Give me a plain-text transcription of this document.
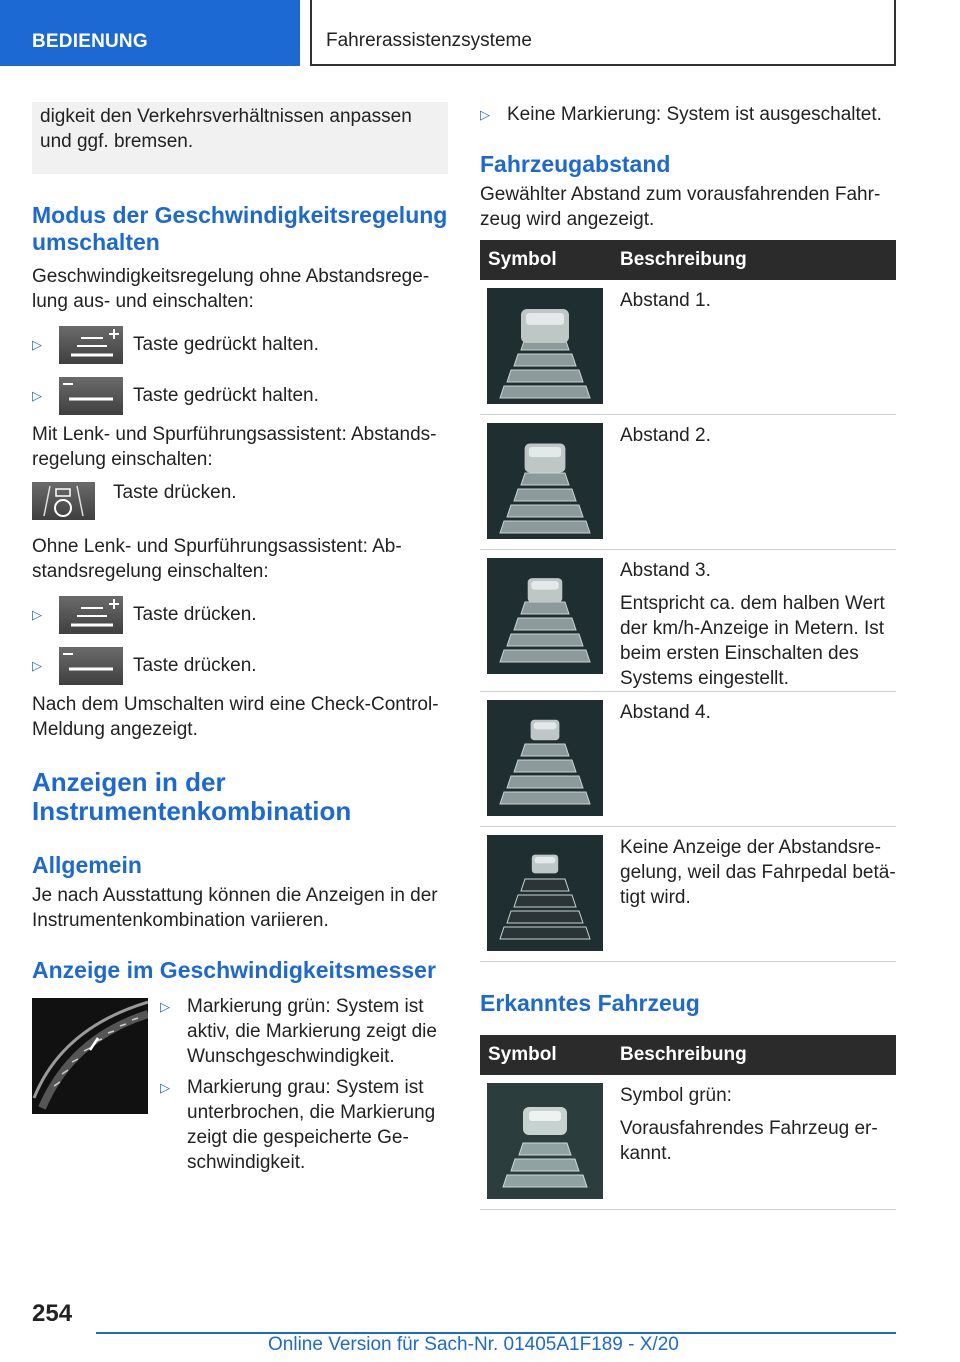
BEDIENUNG	Fahrerassistenzsysteme
digkeit den Verkehrsverhältnissen anpassen und ggf. bremsen.
Modus der Geschwindigkeitsregelung umschalten

Geschwindigkeitsregelung ohne Abstandsrege-lung aus- und einschalten:

▷	Taste gedrückt halten.
▷	Taste gedrückt halten.

Mit Lenk- und Spurführungsassistent: Abstands-regelung einschalten:

Taste drücken.

Ohne Lenk- und Spurführungsassistent: Ab-standsregelung einschalten:

▷	Taste drücken.
▷	Taste drücken.

Nach dem Umschalten wird eine Check-Control-Meldung angezeigt.

Anzeigen in der Instrumentenkombination
Allgemein

Je nach Ausstattung können die Anzeigen in der Instrumentenkombination variieren.

Anzeige im Geschwindigkeitsmesser
▷ Markierung grün: System ist aktiv, die Markierung zeigt die Wunschgeschwindigkeit.
▷ Markierung grau: System ist unterbrochen, die Markierung zeigt die gespeicherte Ge-schwindigkeit.
▷ Keine Markierung: System ist ausgeschaltet.
Fahrzeugabstand

Gewählter Abstand zum vorausfahrenden Fahr-zeug wird angezeigt.

Symbol	Beschreibung

Abstand 1.

Abstand 2.

Abstand 3.

Entspricht ca. dem halben Wert der km/h-Anzeige in Metern. Ist beim ersten Einschalten des Systems eingestellt.

Abstand 4.

Keine Anzeige der Abstandsre-gelung, weil das Fahrpedal betä-tigt wird.

Erkanntes Fahrzeug
Symbol	Beschreibung

Symbol grün:

Vorausfahrendes Fahrzeug er-kannt.

254
Online Version für Sach-Nr. 01405A1F189 - X/20
